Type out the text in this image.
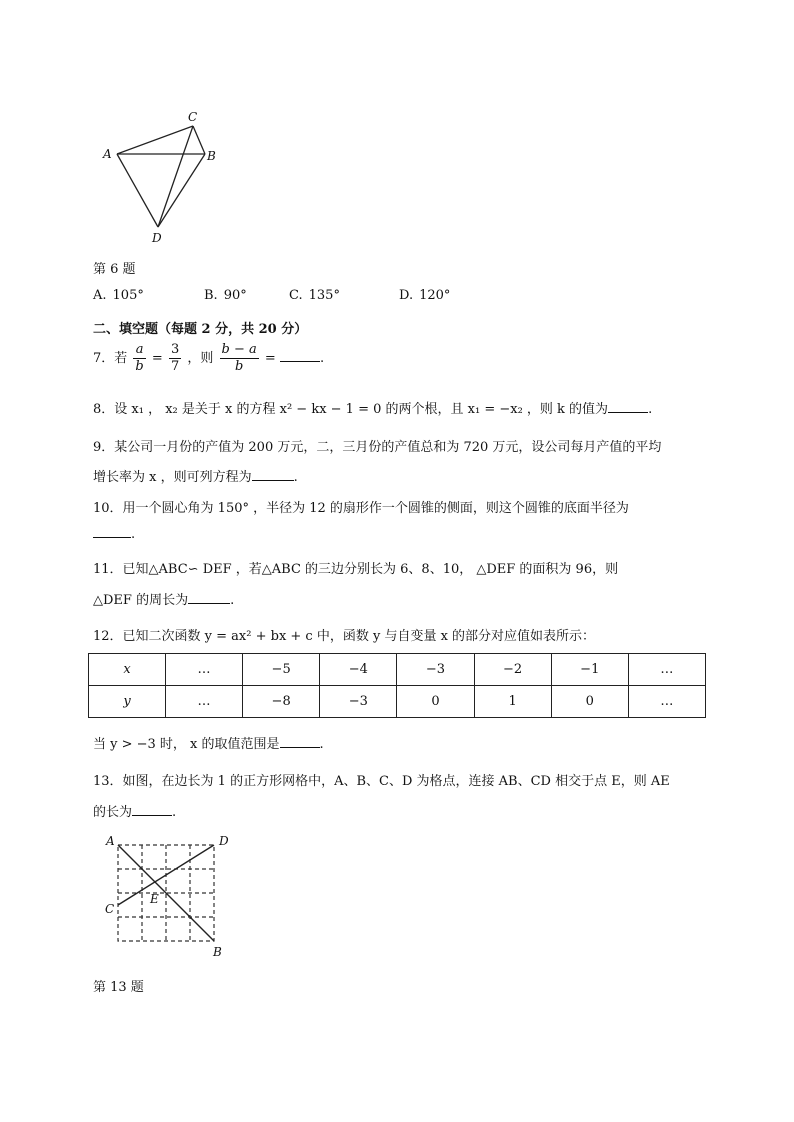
A	B
C
D
第 6 题
A. 105°	B. 90°	C. 135°	D. 120°
二、填空题（每题 2 分，共 20 分）
7．若 $\frac{a}{b} = \frac{3}{7}$ ，则 $\frac{b - a}{b}$ =	.
8．设 x₁ ， x₂ 是关于 x 的方程 x² − kx − 1 = 0 的两个根，且 x₁ = −x₂ ，则 k 的值为	.
9．某公司一月份的产值为 200 万元，二，三月份的产值总和为 720 万元，设公司每月产值的平均
增长率为 x ，则可列方程为	.
10．用一个圆心角为 150° ，半径为 12 的扇形作一个圆锥的侧面，则这个圆锥的底面半径为
.
11．已知△ABC∽ DEF ，若△ABC 的三边分别长为 6、8、10， △DEF 的面积为 96，则
△DEF 的周长为	.
12．已知二次函数 y = ax² + bx + c 中，函数 y 与自变量 x 的部分对应值如表所示：
x	…	−5	−4	−3	−2	−1	…
y	…	−8	−3	0	1	0	…
当 y > −3 时， x 的取值范围是	.
13．如图，在边长为 1 的正方形网格中，A、B、C、D 为格点，连接 AB、CD 相交于点 E，则 AE
的长为	.
A	D
C
E
B
第 13 题
